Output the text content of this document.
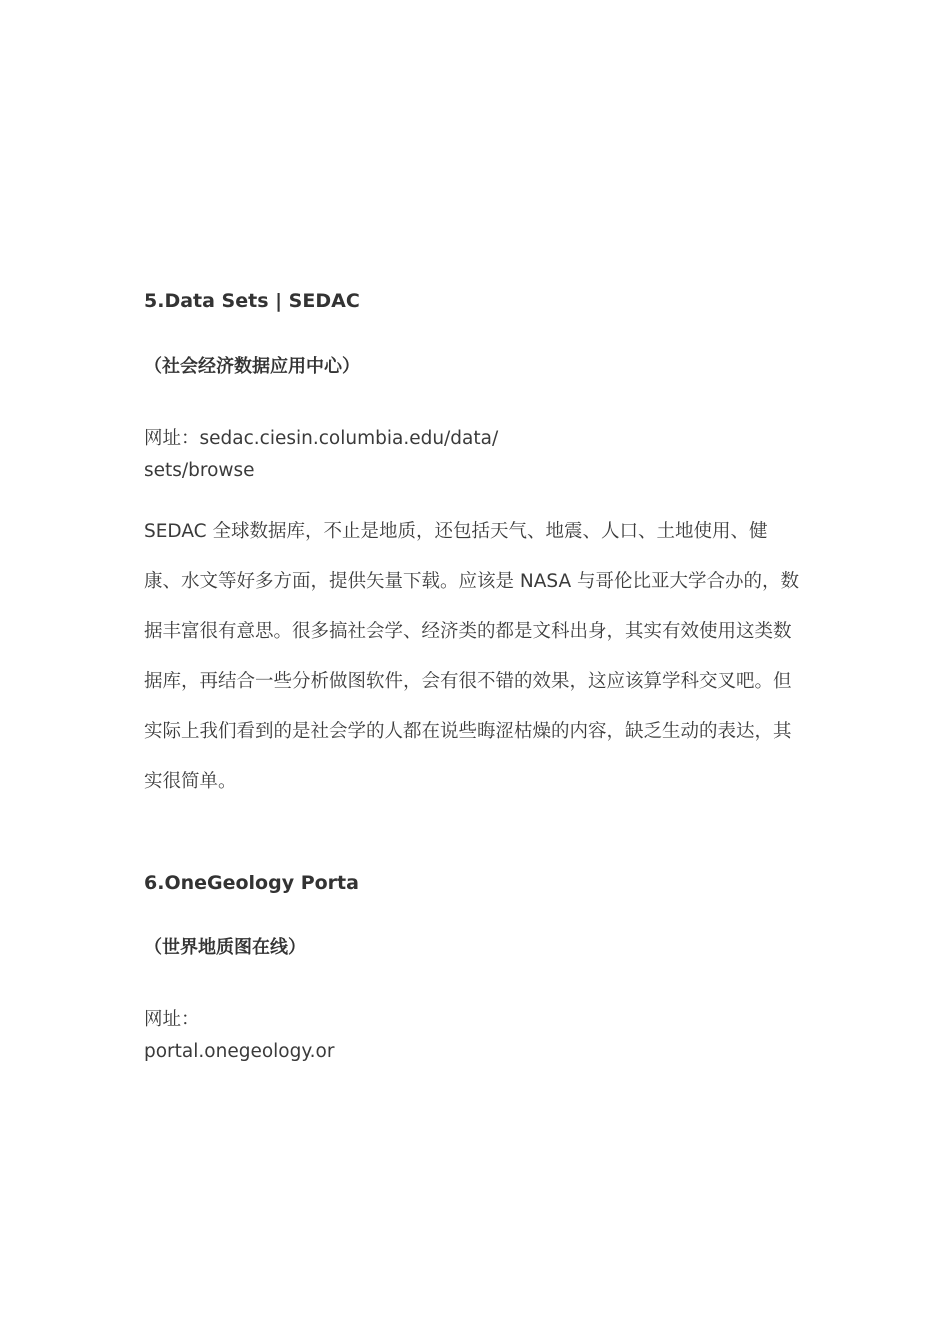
5.Data Sets | SEDAC
（社会经济数据应用中心）
网址：sedac.ciesin.columbia.edu/data/
sets/browse
SEDAC 全球数据库，不止是地质，还包括天气、地震、人口、土地使用、健康、水文等好多方面，提供矢量下载。应该是 NASA 与哥伦比亚大学合办的，数据丰富很有意思。很多搞社会学、经济类的都是文科出身，其实有效使用这类数据库，再结合一些分析做图软件，会有很不错的效果，这应该算学科交叉吧。但实际上我们看到的是社会学的人都在说些晦涩枯燥的内容，缺乏生动的表达，其实很简单。
6.OneGeology Porta
（世界地质图在线）
网址：
portal.onegeology.or
